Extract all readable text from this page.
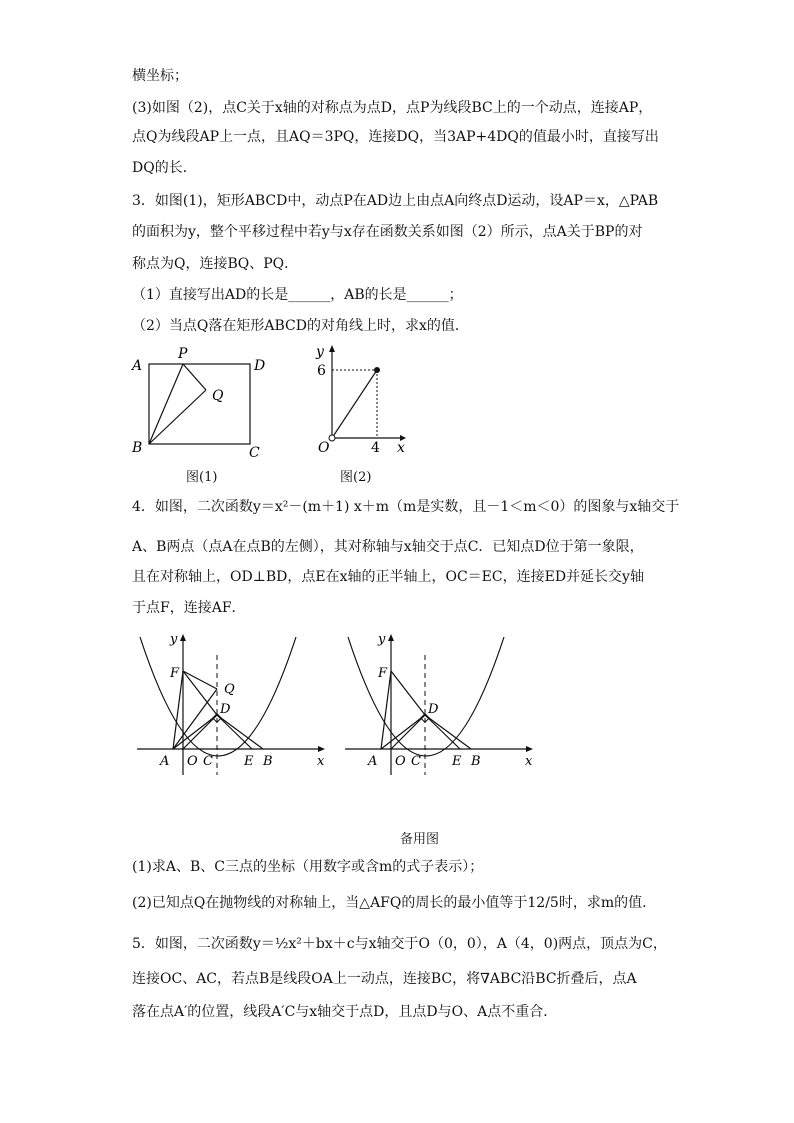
横坐标；
(3)如图（2)，点C关于x轴的对称点为点D，点P为线段BC上的一个动点，连接AP，
点Q为线段AP上一点，且AQ＝3PQ，连接DQ，当3AP+4DQ的值最小时，直接写出
DQ的长．
3．如图(1)，矩形ABCD中，动点P在AD边上由点A向终点D运动，设AP＝x，△PAB
的面积为y，整个平移过程中若y与x存在函数关系如图（2）所示，点A关于BP的对
称点为Q，连接BQ、PQ．
（1）直接写出AD的长是______，AB的长是______；
（2）当点Q落在矩形ABCD的对角线上时，求x的值．
A
P
D
Q
B	C
图(1)
y
6
O	4 x
图(2)
4．如图，二次函数y＝x²－(m＋1) x＋m（m是实数，且－1＜m＜0）的图象与x轴交于
A、B两点（点A在点B的左侧），其对称轴与x轴交于点C．已知点D位于第一象限，
且在对称轴上，OD⊥BD，点E在x轴的正半轴上，OC＝EC，连接ED并延长交y轴
于点F，连接AF．
y
F
Q
D
A O C E B	x
y
F
D
A O C E B	x
备用图
(1)求A、B、C三点的坐标（用数字或含m的式子表示）；
(2)已知点Q在抛物线的对称轴上，当△AFQ的周长的最小值等于12/5时，求m的值．
5．如图，二次函数y＝½x²＋bx＋c与x轴交于O（0，0），A（4，0)两点，顶点为C，
连接OC、AC，若点B是线段OA上一动点，连接BC，将∇ABC沿BC折叠后，点A
落在点A′的位置，线段A′C与x轴交于点D，且点D与O、A点不重合．
